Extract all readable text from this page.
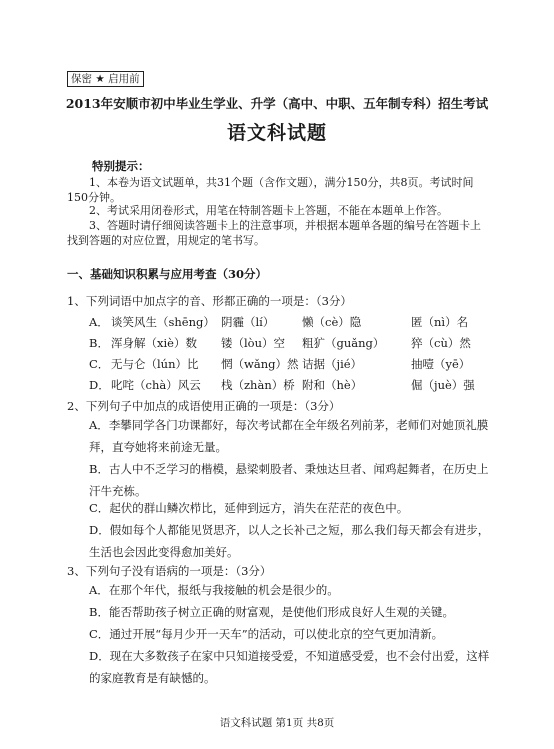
保密 ★ 启用前
2013年安顺市初中毕业生学业、升学（高中、中职、五年制专科）招生考试
语文科试题
特别提示：
1、本卷为语文试题单，共31个题（含作文题），满分150分，共8页。考试时间150分钟。
2、考试采用闭卷形式，用笔在特制答题卡上答题，不能在本题单上作答。
3、答题时请仔细阅读答题卡上的注意事项，并根据本题单各题的编号在答题卡上找到答题的对应位置，用规定的笔书写。
一、基础知识积累与应用考查（30分）
1、下列词语中加点字的音、形都正确的一项是：（3分）
A． 谈笑风生（shēng） 阴霾（lí） 懒（cè）隐	匿（nì）名
B． 浑身解（xiè）数 镂（lòu）空 粗犷（guǎng） 猝（cù）然
C． 无与仑（lún）比 惘（wǎng）然 诘据（jié）	抽噎（yē）
D． 叱咤（chà）风云 栈（zhàn）桥 附和（hè）	倔（juè）强
2、下列句子中加点的成语使用正确的一项是：（3分）
A．李攀同学各门功课都好，每次考试都在全年级名列前茅，老师们对她顶礼膜拜，直夸她将来前途无量。
B．古人中不乏学习的楷模，悬梁刺股者、秉烛达旦者、闻鸡起舞者，在历史上汗牛充栋。
C．起伏的群山鳞次栉比，延伸到远方，消失在茫茫的夜色中。
D．假如每个人都能见贤思齐，以人之长补己之短，那么我们每天都会有进步，生活也会因此变得愈加美好。
3、下列句子没有语病的一项是：（3分）
A．在那个年代，报纸与我接触的机会是很少的。
B．能否帮助孩子树立正确的财富观，是使他们形成良好人生观的关键。
C．通过开展“每月少开一天车”的活动，可以使北京的空气更加清新。
D．现在大多数孩子在家中只知道接受爱，不知道感受爱，也不会付出爱，这样的家庭教育是有缺憾的。
语文科试题 第1页 共8页
